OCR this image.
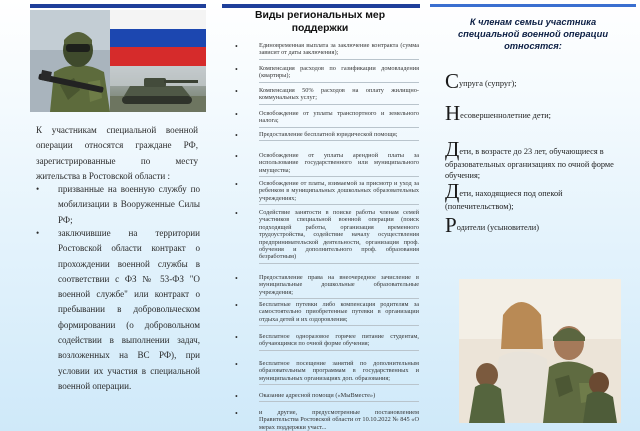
К участникам специальной военной операции относятся граждане РФ, зарегистрированные по месту жительства в Ростовской области :

• призванные на военную службу по мобилизации в Вооруженные Силы РФ;
• заключившие на территории Ростовской области контракт о прохождении военной службы в соответствии с ФЗ № 53-ФЗ "О военной службе" или контракт о пребывании в добровольческом формировании (о добровольном содействии в выполнении задач, возложенных на ВС РФ), при условии их участия в специальной военной операции.
Виды региональных мер поддержки
•	Единовременная выплата за заключение контракта (сумма зависит от даты заключения);
•	Компенсация расходов по газификации домовладения (квартиры);
•	Компенсация 50% расходов на оплату жилищно-коммунальных услуг;
•	Освобождение от уплаты транспортного и земельного налога;
•	Предоставление бесплатной юридической помощи;
•	Освобождение от уплаты арендной платы за использование государственного или муниципального имущества;
•	Освобождение от платы, взимаемой за присмотр и уход за ребенком в муниципальных дошкольных образовательных учреждениях;
•	Содействие занятости в поиске работы членам семей участников специальной военной операции (поиск подходящей работы, организация временного трудоустройства, содействие началу осуществления предпринимательской деятельности, организация проф. обучения и дополнительного проф. образования безработным)
•	Предоставление права на внеочередное зачисление в муниципальные дошкольные образовательные учреждения;
•	Бесплатные путевки либо компенсация родителям за самостоятельно приобретенные путевки в организации отдыха детей и их оздоровления;
•	Бесплатное одноразовое горячее питание студентам, обучающимся по очной форме обучения;
•	Бесплатное посещение занятий по дополнительным образовательным программам в государственных и муниципальных организациях доп. образования;
•	Оказание адресной помощи («МыВместе»)
•	и другие, предусмотренные постановлением Правительства Ростовской области от 10.10.2022 № 845 «О мерах поддержки участ...
К членам семьи участника специальной военной операции относятся:
Супруга (супруг);
Несовершеннолетние дети;
Дети, в возрасте до 23 лет, обучающиеся в образовательных организациях по очной форме обучения;
Дети, находящиеся под опекой (попечительством);
Родители (усыновители)
